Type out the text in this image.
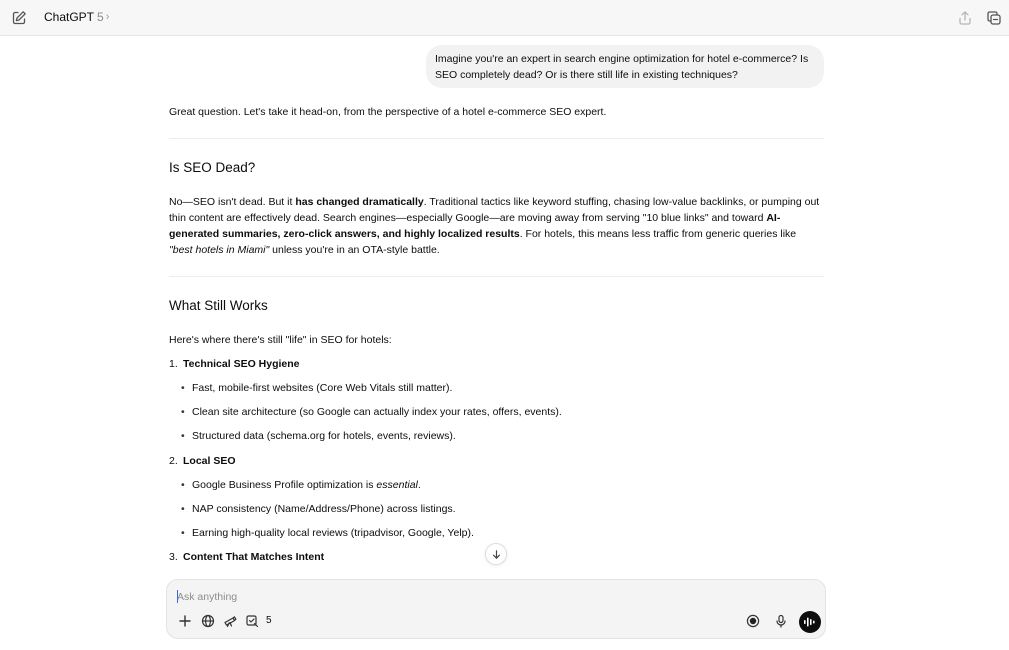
ChatGPT 5 ›
Imagine you're an expert in search engine optimization for hotel e-commerce? Is SEO completely dead? Or is there still life in existing techniques?
Great question. Let's take it head-on, from the perspective of a hotel e-commerce SEO expert.
Is SEO Dead?
No—SEO isn't dead. But it has changed dramatically. Traditional tactics like keyword stuffing, chasing low-value backlinks, or pumping out thin content are effectively dead. Search engines—especially Google—are moving away from serving "10 blue links" and toward AI-generated summaries, zero-click answers, and highly localized results. For hotels, this means less traffic from generic queries like "best hotels in Miami" unless you're in an OTA-style battle.
What Still Works
Here's where there's still "life" in SEO for hotels:
1. Technical SEO Hygiene
• Fast, mobile-first websites (Core Web Vitals still matter).
• Clean site architecture (so Google can actually index your rates, offers, events).
• Structured data (schema.org for hotels, events, reviews).
2. Local SEO
• Google Business Profile optimization is essential.
• NAP consistency (Name/Address/Phone) across listings.
• Earning high-quality local reviews (tripadvisor, Google, Yelp).
3. Content That Matches Intent
Ask anything
5
